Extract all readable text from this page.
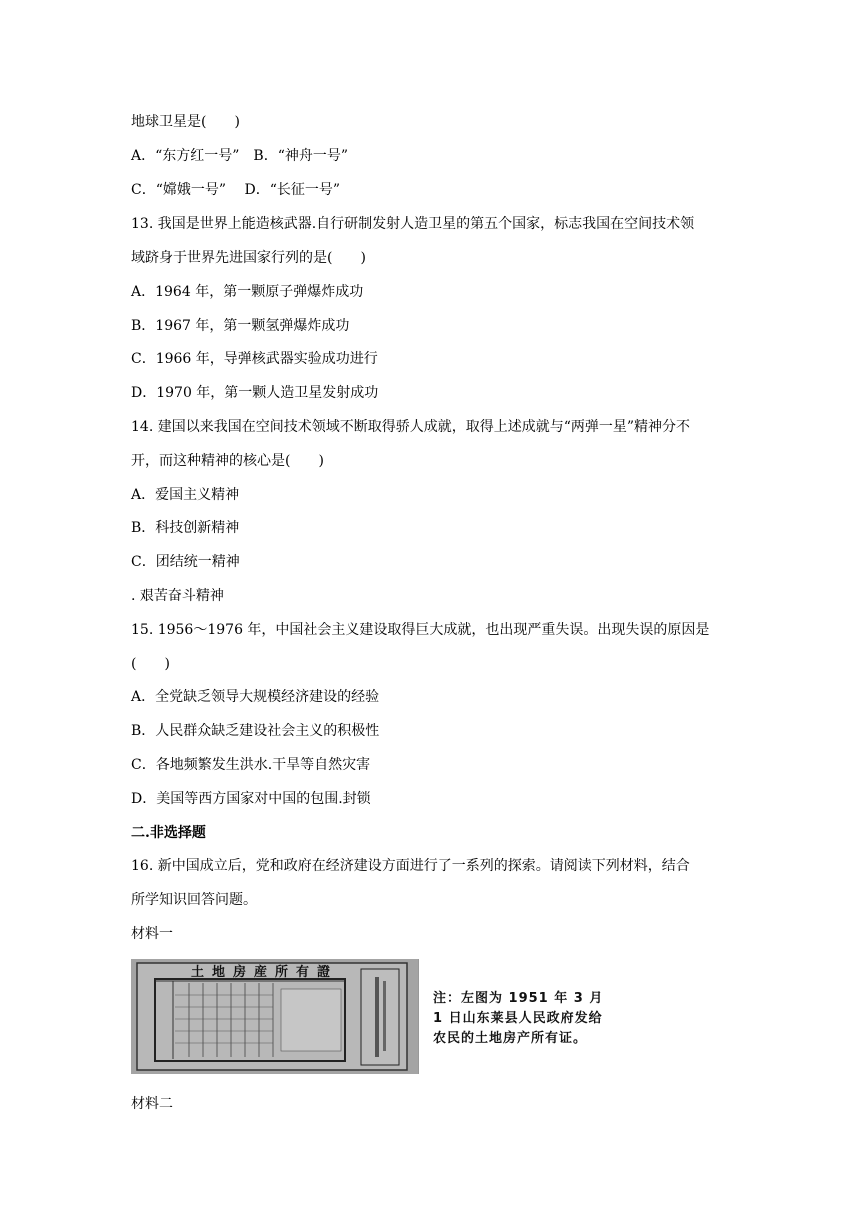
地球卫星是(　　)
A．“东方红一号”　B．“神舟一号”
C．“嫦娥一号”　 D．“长征一号”
13. 我国是世界上能造核武器.自行研制发射人造卫星的第五个国家，标志我国在空间技术领
域跻身于世界先进国家行列的是(　　)
A．1964 年，第一颗原子弹爆炸成功
B．1967 年，第一颗氢弹爆炸成功
C．1966 年，导弹核武器实验成功进行
D．1970 年，第一颗人造卫星发射成功
14. 建国以来我国在空间技术领域不断取得骄人成就，取得上述成就与“两弹一星”精神分不
开，而这种精神的核心是(　　)
A．爱国主义精神
B．科技创新精神
C．团结统一精神
. 艰苦奋斗精神
15. 1956～1976 年，中国社会主义建设取得巨大成就，也出现严重失误。出现失误的原因是
(　　)
A．全党缺乏领导大规模经济建设的经验
B．人民群众缺乏建设社会主义的积极性
C．各地频繁发生洪水.干旱等自然灾害
D．美国等西方国家对中国的包围.封锁
二.非选择题
16. 新中国成立后，党和政府在经济建设方面进行了一系列的探索。请阅读下列材料，结合
所学知识回答问题。
材料一
土地房産所有證
注：左图为 1951 年 3 月 1 日山东莱县人民政府发给农民的土地房产所有证。
材料二
